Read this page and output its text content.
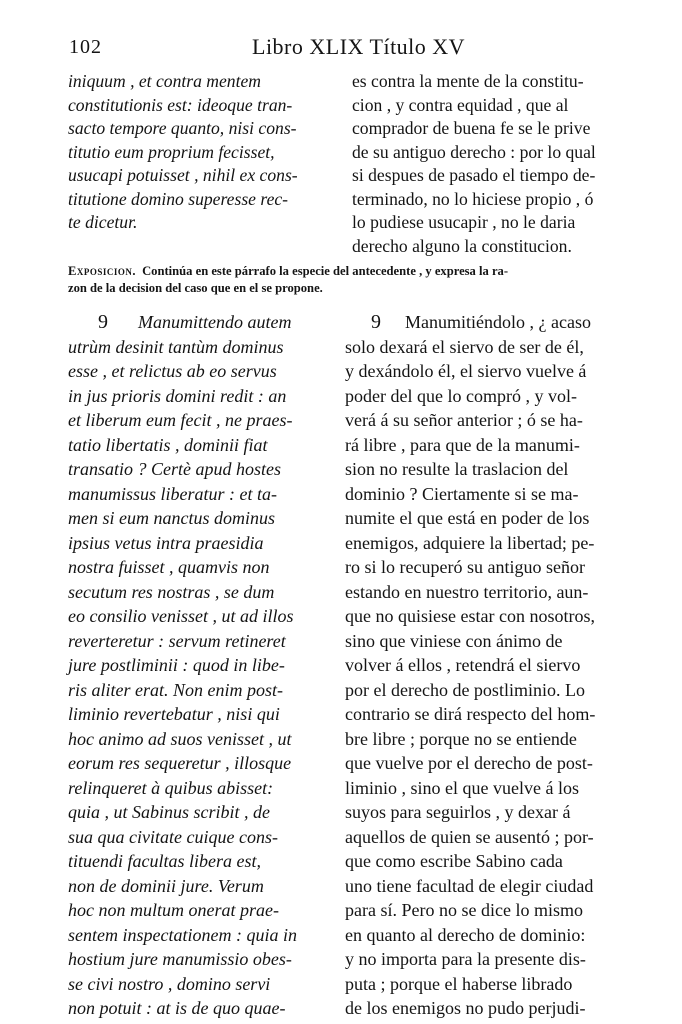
102	Libro XLIX Título XV
iniquum , et contra mentem
constitutionis est: ideoque tran-
sacto tempore quanto, nisi cons-
titutio eum proprium fecisset,
usucapi potuisset , nihil ex cons-
titutione domino superesse rec-
te dicetur.
es contra la mente de la constitu-
cion , y contra equidad , que al
comprador de buena fe se le prive
de su antiguo derecho : por lo qual
si despues de pasado el tiempo de-
terminado, no lo hiciese propio , ó
lo pudiese usucapir , no le daria
derecho alguno la constitucion.
Exposicion. Continúa en este párrafo la especie del antecedente , y expresa la ra-
zon de la decision del caso que en el se propone.
9 Manumittendo autem
utrùm desinit tantùm dominus
esse , et relictus ab eo servus
in jus prioris domini redit : an
et liberum eum fecit , ne praes-
tatio libertatis , dominii fiat
transatio ? Certè apud hostes
manumissus liberatur : et ta-
men si eum nanctus dominus
ipsius vetus intra praesidia
nostra fuisset , quamvis non
secutum res nostras , se dum
eo consilio venisset , ut ad illos
reverteretur : servum retineret
jure postliminii : quod in libe-
ris aliter erat. Non enim post-
liminio revertebatur , nisi qui
hoc animo ad suos venisset , ut
eorum res sequeretur , illosque
relinqueret à quibus abisset:
quia , ut Sabinus scribit , de
sua qua civitate cuique cons-
tituendi facultas libera est,
non de dominii jure. Verum
hoc non multum onerat prae-
sentem inspectationem : quia in
hostium jure manumissio obes-
se civi nostro , domino servi
non potuit : at is de quo quae-
9 Manumitiéndolo , ¿ acaso
solo dexará el siervo de ser de él,
y dexándolo él, el siervo vuelve á
poder del que lo compró , y vol-
verá á su señor anterior ; ó se ha-
rá libre , para que de la manumi-
sion no resulte la traslacion del
dominio ? Ciertamente si se ma-
numite el que está en poder de los
enemigos, adquiere la libertad; pe-
ro si lo recuperó su antiguo señor
estando en nuestro territorio, aun-
que no quisiese estar con nosotros,
sino que viniese con ánimo de
volver á ellos , retendrá el siervo
por el derecho de postliminio. Lo
contrario se dirá respecto del hom-
bre libre ; porque no se entiende
que vuelve por el derecho de post-
liminio , sino el que vuelve á los
suyos para seguirlos , y dexar á
aquellos de quien se ausentó ; por-
que como escribe Sabino cada
uno tiene facultad de elegir ciudad
para sí. Pero no se dice lo mismo
en quanto al derecho de dominio:
y no importa para la presente dis-
puta ; porque el haberse librado
de los enemigos no pudo perjudi-
